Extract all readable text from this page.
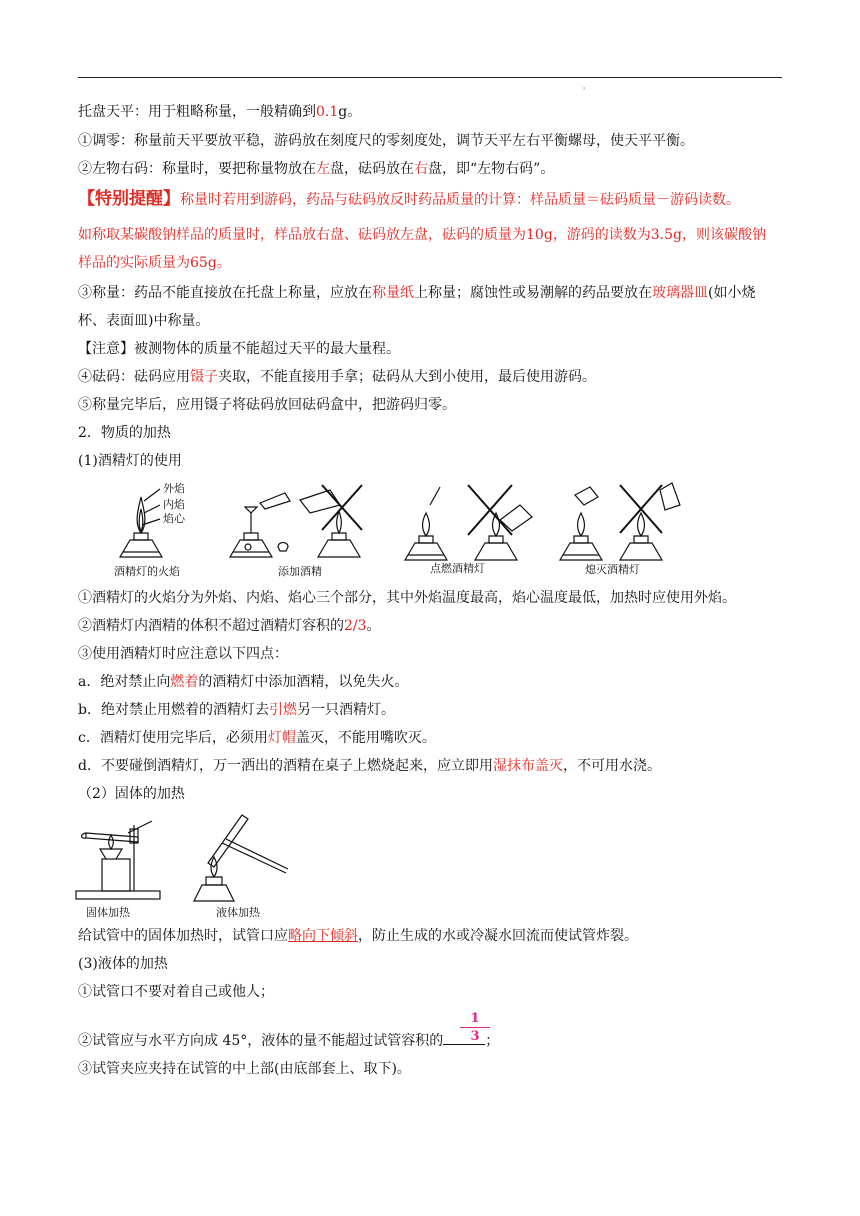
'
托盘天平：用于粗略称量，一般精确到0.1g。
①调零：称量前天平要放平稳，游码放在刻度尺的零刻度处，调节天平左右平衡螺母，使天平平衡。
②左物右码：称量时，要把称量物放在左盘，砝码放在右盘，即“左物右码”。
【特别提醒】称量时若用到游码，药品与砝码放反时药品质量的计算：样品质量＝砝码质量－游码读数。
如称取某碳酸钠样品的质量时，样品放右盘、砝码放左盘，砝码的质量为10g，游码的读数为3.5g，则该碳酸钠
样品的实际质量为65g。
③称量：药品不能直接放在托盘上称量，应放在称量纸上称量；腐蚀性或易潮解的药品要放在玻璃器皿(如小烧
杯、表面皿)中称量。
【注意】被测物体的质量不能超过天平的最大量程。
④砝码：砝码应用镊子夹取，不能直接用手拿；砝码从大到小使用，最后使用游码。
⑤称量完毕后，应用镊子将砝码放回砝码盒中，把游码归零。
2．物质的加热
(1)酒精灯的使用
外焰
内焰
焰心
酒精灯的火焰	添加酒精	点燃酒精灯	熄灭酒精灯
①酒精灯的火焰分为外焰、内焰、焰心三个部分，其中外焰温度最高，焰心温度最低，加热时应使用外焰。
②酒精灯内酒精的体积不超过酒精灯容积的2/3。
③使用酒精灯时应注意以下四点：
a．绝对禁止向燃着的酒精灯中添加酒精，以免失火。
b．绝对禁止用燃着的酒精灯去引燃另一只酒精灯。
c．酒精灯使用完毕后，必须用灯帽盖灭，不能用嘴吹灭。
d．不要碰倒酒精灯，万一洒出的酒精在桌子上燃烧起来，应立即用湿抹布盖灭，不可用水浇。
（2）固体的加热
固体加热	液体加热
给试管中的固体加热时，试管口应略向下倾斜，防止生成的水或冷凝水回流而使试管炸裂。
(3)液体的加热
①试管口不要对着自己或他人；
②试管应与水平方向成 45°，液体的量不能超过试管容积的	；
1
3
③试管夹应夹持在试管的中上部(由底部套上、取下)。
